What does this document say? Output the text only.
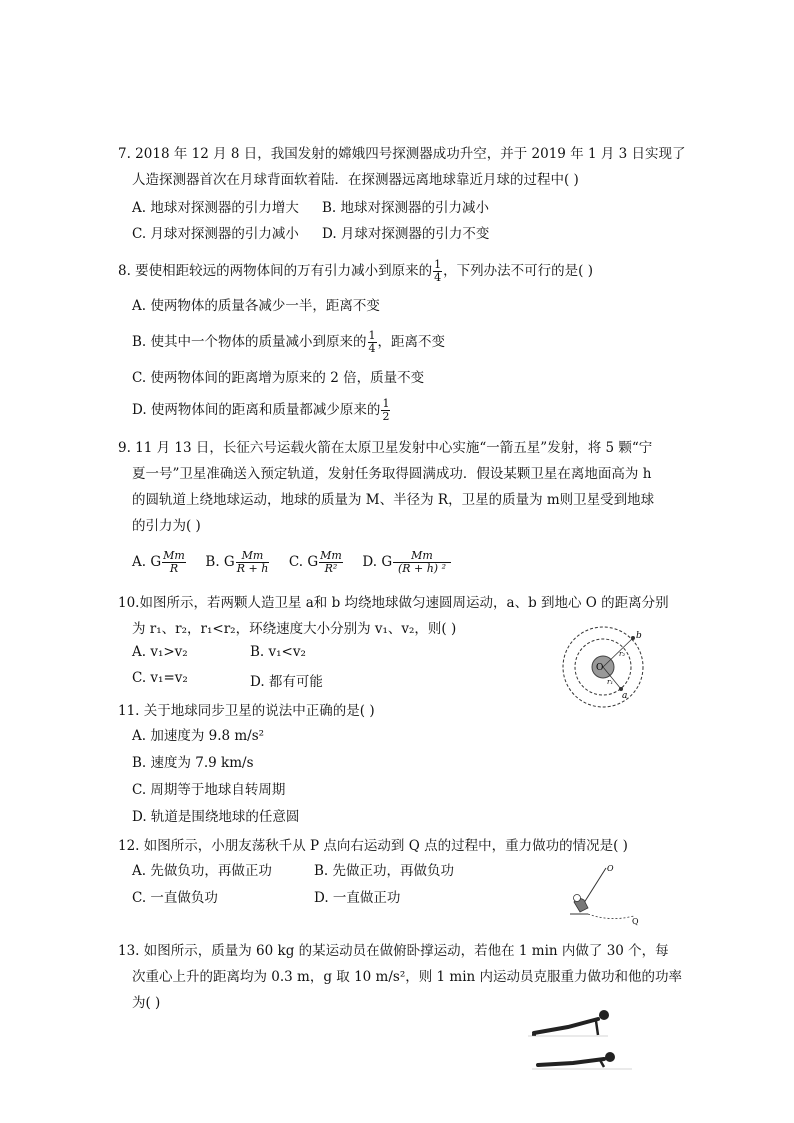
7. 2018 年 12 月 8 日，我国发射的嫦娥四号探测器成功升空，并于 2019 年 1 月 3 日实现了
人造探测器首次在月球背面软着陆．在探测器远离地球靠近月球的过程中( )
A. 地球对探测器的引力增大 B. 地球对探测器的引力减小
C. 月球对探测器的引力减小 D. 月球对探测器的引力不变
8. 要使相距较远的两物体间的万有引力减小到原来的 $\frac{1}{4}$ ，下列办法不可行的是( )
A. 使两物体的质量各减少一半，距离不变
B. 使其中一个物体的质量减小到原来的 $\frac{1}{4}$ ，距离不变
C. 使两物体间的距离增为原来的 2 倍，质量不变
D. 使两物体间的距离和质量都减少原来的 $\frac{1}{2}$
9. 11 月 13 日，长征六号运载火箭在太原卫星发射中心实施“一箭五星”发射，将 5 颗“宁
夏一号”卫星准确送入预定轨道，发射任务取得圆满成功．假设某颗卫星在离地面高为 h
的圆轨道上绕地球运动，地球的质量为 M、半径为 R，卫星的质量为 m则卫星受到地球
的引力为( )
A. G $\frac{Mm}{R} B$. G $\frac{Mm}{R + h} C$. G $\frac{Mm}{\text{R²}} D$. G $\frac{Mm}{\text{(R + h) ²}}$
10.如图所示，若两颗人造卫星 a和 b 均绕地球做匀速圆周运动，a、b 到地心 O 的距离分别
为 r₁、r₂，r₁<r₂，环绕速度大小分别为 v₁、v₂，则( )
A. v₁>v₂	B. v₁<v₂
C. v₁=v₂	D. 都有可能
O
b
a
r₂
r₁
11. 关于地球同步卫星的说法中正确的是( )
A. 加速度为 9.8 m/s²
B. 速度为 7.9 km/s
C. 周期等于地球自转周期
D. 轨道是围绕地球的任意圆
12. 如图所示，小朋友荡秋千从 P 点向右运动到 Q 点的过程中，重力做功的情况是( )
A. 先做负功，再做正功	B. 先做正功，再做负功
C. 一直做负功	D. 一直做正功
O
Q
13. 如图所示，质量为 60 kg 的某运动员在做俯卧撑运动，若他在 1 min 内做了 30 个，每
次重心上升的距离均为 0.3 m，g 取 10 m/s²，则 1 min 内运动员克服重力做功和他的功率
为( )
